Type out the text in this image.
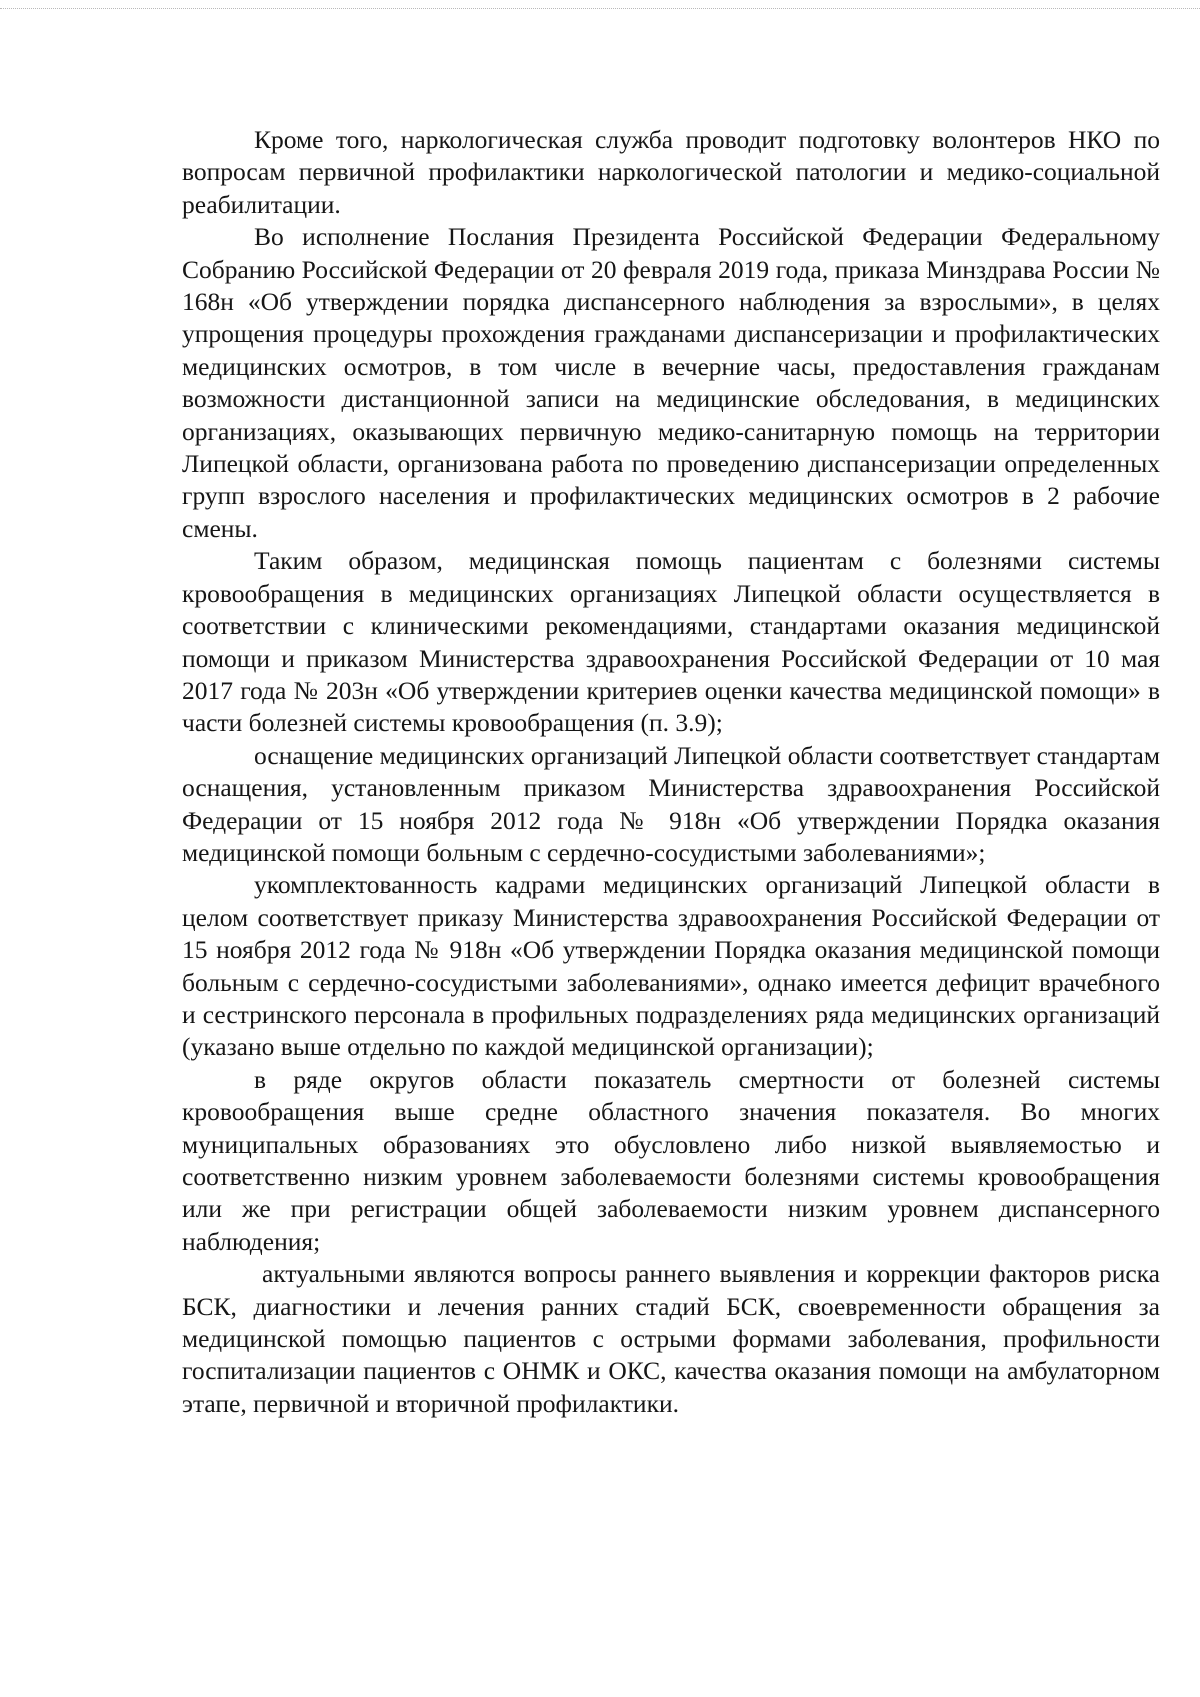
Кроме того, наркологическая служба проводит подготовку волонтеров НКО по вопросам первичной профилактики наркологической патологии и медико-социальной реабилитации.

Во исполнение Послания Президента Российской Федерации Федеральному Собранию Российской Федерации от 20 февраля 2019 года, приказа Минздрава России № 168н «Об утверждении порядка диспансерного наблюдения за взрослыми», в целях упрощения процедуры прохождения гражданами диспансеризации и профилактических медицинских осмотров, в том числе в вечерние часы, предоставления гражданам возможности дистанционной записи на медицинские обследования, в медицинских организациях, оказывающих первичную медико-санитарную помощь на территории Липецкой области, организована работа по проведению диспансеризации определенных групп взрослого населения и профилактических медицинских осмотров в 2 рабочие смены.

Таким образом, медицинская помощь пациентам с болезнями системы кровообращения в медицинских организациях Липецкой области осуществляется в соответствии с клиническими рекомендациями, стандартами оказания медицинской помощи и приказом Министерства здравоохранения Российской Федерации от 10 мая 2017 года № 203н «Об утверждении критериев оценки качества медицинской помощи» в части болезней системы кровообращения (п. 3.9);

оснащение медицинских организаций Липецкой области соответствует стандартам оснащения, установленным приказом Министерства здравоохранения Российской Федерации от 15 ноября 2012 года № 918н «Об утверждении Порядка оказания медицинской помощи больным с сердечно-сосудистыми заболеваниями»;

укомплектованность кадрами медицинских организаций Липецкой области в целом соответствует приказу Министерства здравоохранения Российской Федерации от 15 ноября 2012 года № 918н «Об утверждении Порядка оказания медицинской помощи больным с сердечно-сосудистыми заболеваниями», однако имеется дефицит врачебного и сестринского персонала в профильных подразделениях ряда медицинских организаций (указано выше отдельно по каждой медицинской организации);

в ряде округов области показатель смертности от болезней системы кровообращения выше средне областного значения показателя. Во многих муниципальных образованиях это обусловлено либо низкой выявляемостью и соответственно низким уровнем заболеваемости болезнями системы кровообращения или же при регистрации общей заболеваемости низким уровнем диспансерного наблюдения;

актуальными являются вопросы раннего выявления и коррекции факторов риска БСК, диагностики и лечения ранних стадий БСК, своевременности обращения за медицинской помощью пациентов с острыми формами заболевания, профильности госпитализации пациентов с ОНМК и ОКС, качества оказания помощи на амбулаторном этапе, первичной и вторичной профилактики.
